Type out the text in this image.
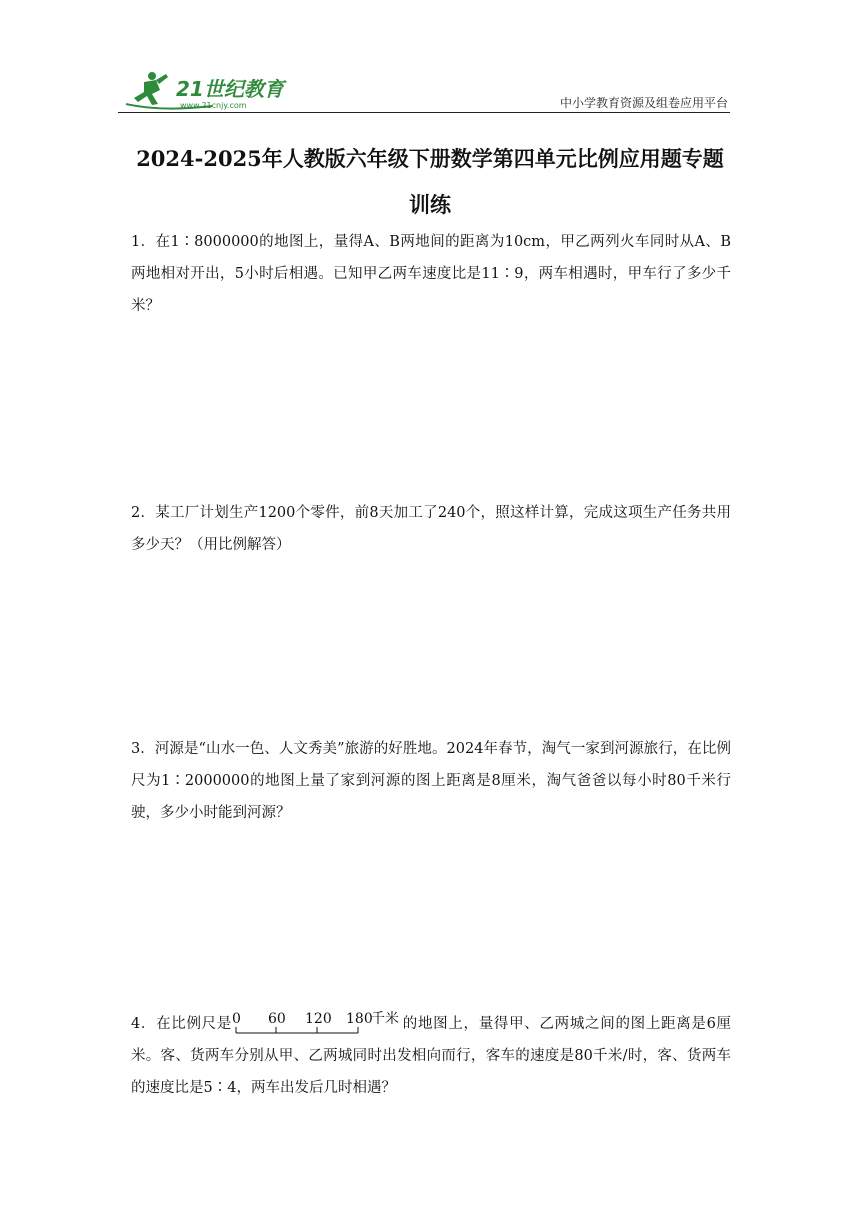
21世纪教育
www.21cnjy.com	中小学教育资源及组卷应用平台
2024-2025年人教版六年级下册数学第四单元比例应用题专题
训练
1．在1∶8000000的地图上，量得A、B两地间的距离为10cm，甲乙两列火车同时从A、B两地相对开出，5小时后相遇。已知甲乙两车速度比是11∶9，两车相遇时，甲车行了多少千米？
2．某工厂计划生产1200个零件，前8天加工了240个，照这样计算，完成这项生产任务共用多少天？（用比例解答）
3．河源是“山水一色、人文秀美”旅游的好胜地。2024年春节，淘气一家到河源旅行，在比例尺为1∶2000000的地图上量了家到河源的图上距离是8厘米，淘气爸爸以每小时80千米行驶，多少小时能到河源？
4．在比例尺是 0 60 120 180
千米 的地图上，量得甲、乙两城之间的图上距离是6厘米。客、货两车分别从甲、乙两城同时出发相向而行，客车的速度是80千米/时，客、货两车的速度比是5∶4，两车出发后几时相遇？
